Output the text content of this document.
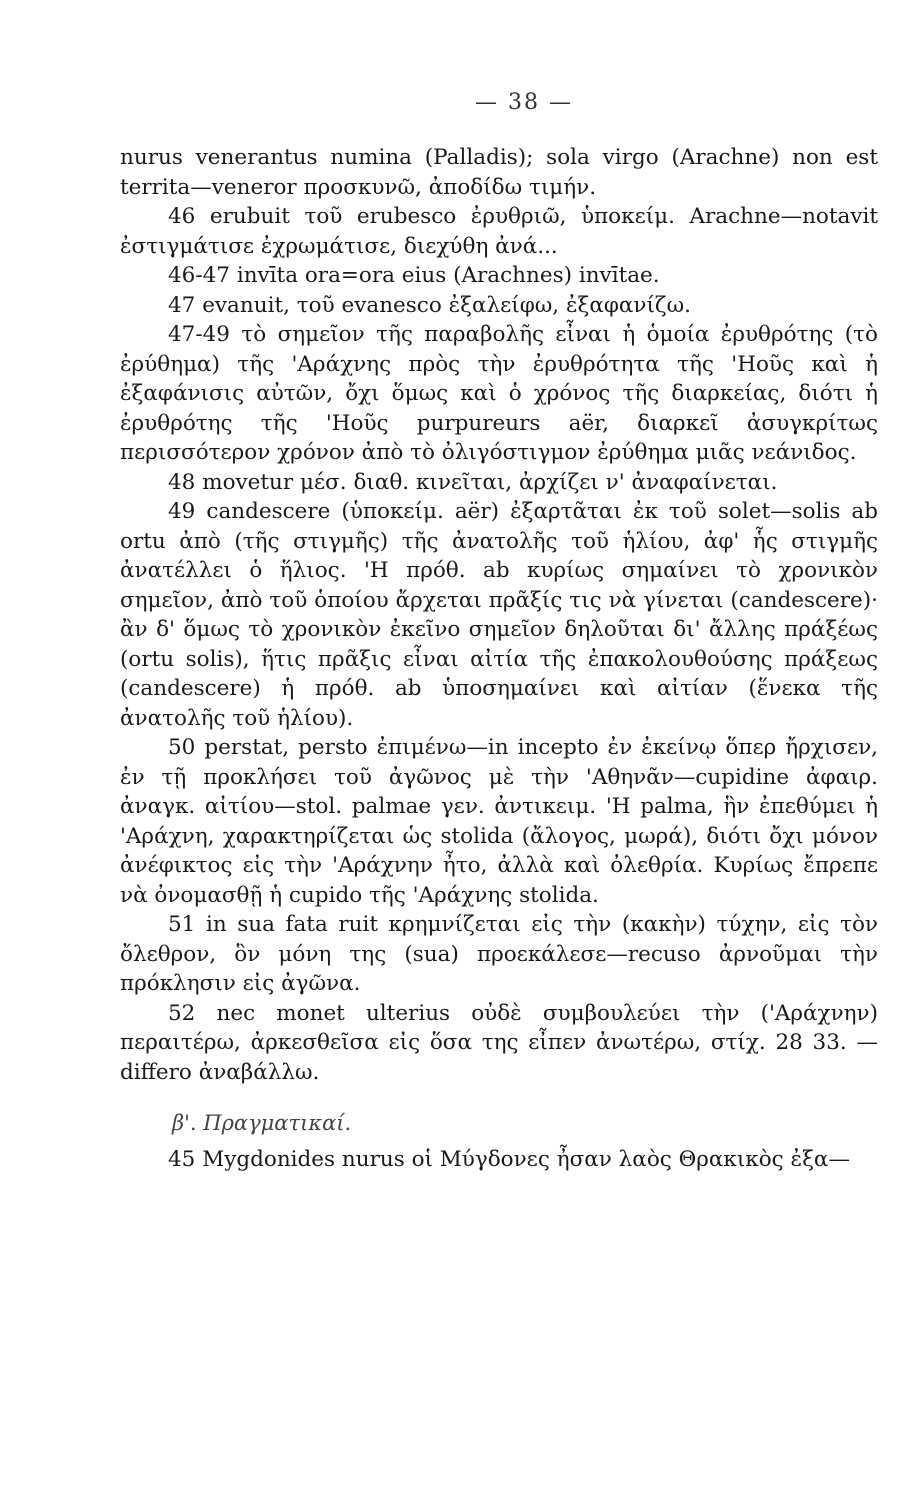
— 38 —

nurus venerantus numina (Palladis); sola virgo (Arachne) non est territa—veneror προσκυνῶ, ἀποδίδω τιμήν.

46 erubuit τοῦ erubesco ἐρυθριῶ, ὑποκείμ. Arachne—notavit ἐστιγμάτισε ἐχρωμάτισε, διεχύθη ἀνά...

46-47 invīta ora=ora eius (Arachnes) invītae.

47 evanuit, τοῦ evanesco ἐξαλείφω, ἐξαφανίζω.

47-49 τὸ σημεῖον τῆς παραβολῆς εἶναι ἡ ὁμοία ἐρυθρότης (τὸ ἐρύθημα) τῆς 'Αράχνης πρὸς τὴν ἐρυθρότητα τῆς 'Ηοῦς καὶ ἡ ἐξαφάνισις αὐτῶν, ὄχι ὅμως καὶ ὁ χρόνος τῆς διαρκείας, διότι ἡ ἐρυθρότης τῆς 'Ηοῦς purpureurs aër, διαρκεῖ ἀσυγκρίτως περισσότερον χρόνον ἀπὸ τὸ ὀλιγόστιγμον ἐρύθημα μιᾶς νεάνιδος.

48 movetur μέσ. διαθ. κινεῖται, ἀρχίζει ν' ἀναφαίνεται.

49 candescere (ὑποκείμ. aër) ἐξαρτᾶται ἐκ τοῦ solet—solis ab ortu ἀπὸ (τῆς στιγμῆς) τῆς ἀνατολῆς τοῦ ἡλίου, ἀφ' ἧς στιγμῆς ἀνατέλλει ὁ ἥλιος. 'Η πρόθ. ab κυρίως σημαίνει τὸ χρονικὸν σημεῖον, ἀπὸ τοῦ ὁποίου ἄρχεται πρᾶξίς τις νὰ γίνεται (candescere)· ἂν δ' ὅμως τὸ χρονικὸν ἐκεῖνο σημεῖον δηλοῦται δι' ἄλλης πράξέως (ortu solis), ἥτις πρᾶξις εἶναι αἰτία τῆς ἐπακολουθούσης πράξεως (candescere) ἡ πρόθ. ab ὑποσημαίνει καὶ αἰτίαν (ἕνεκα τῆς ἀνατολῆς τοῦ ἡλίου).

50 perstat, persto ἐπιμένω—in incepto ἐν ἐκείνῳ ὅπερ ἤρχισεν, ἐν τῇ προκλήσει τοῦ ἀγῶνος μὲ τὴν 'Αθηνᾶν—cupidine ἀφαιρ. ἀναγκ. αἰτίου—stol. palmae γεν. ἀντικειμ. 'Η palma, ἣν ἐπεθύμει ἡ 'Αράχνη, χαρακτηρίζεται ὡς stolida (ἄλογος, μωρά), διότι ὄχι μόνον ἀνέφικτος εἰς τὴν 'Αράχνην ἦτο, ἀλλὰ καὶ ὀλεθρία. Κυρίως ἔπρεπε νὰ ὀνομασθῇ ἡ cupido τῆς 'Αράχνης stolida.

51 in sua fata ruit κρημνίζεται εἰς τὴν (κακὴν) τύχην, εἰς τὸν ὄλεθρον, ὃν μόνη της (sua) προεκάλεσε—recuso ἀρνοῦμαι τὴν πρόκλησιν εἰς ἀγῶνα.

52 nec monet ulterius οὐδὲ συμβουλεύει τὴν ('Αράχνην) περαιτέρω, ἀρκεσθεῖσα εἰς ὅσα της εἶπεν ἀνωτέρω, στίχ. 28 33. —differo ἀναβάλλω.

β'. Πραγματικαί.

45 Mygdonides nurus οἱ Μύγδονες ἦσαν λαὸς Θρακικὸς ἐξα—
